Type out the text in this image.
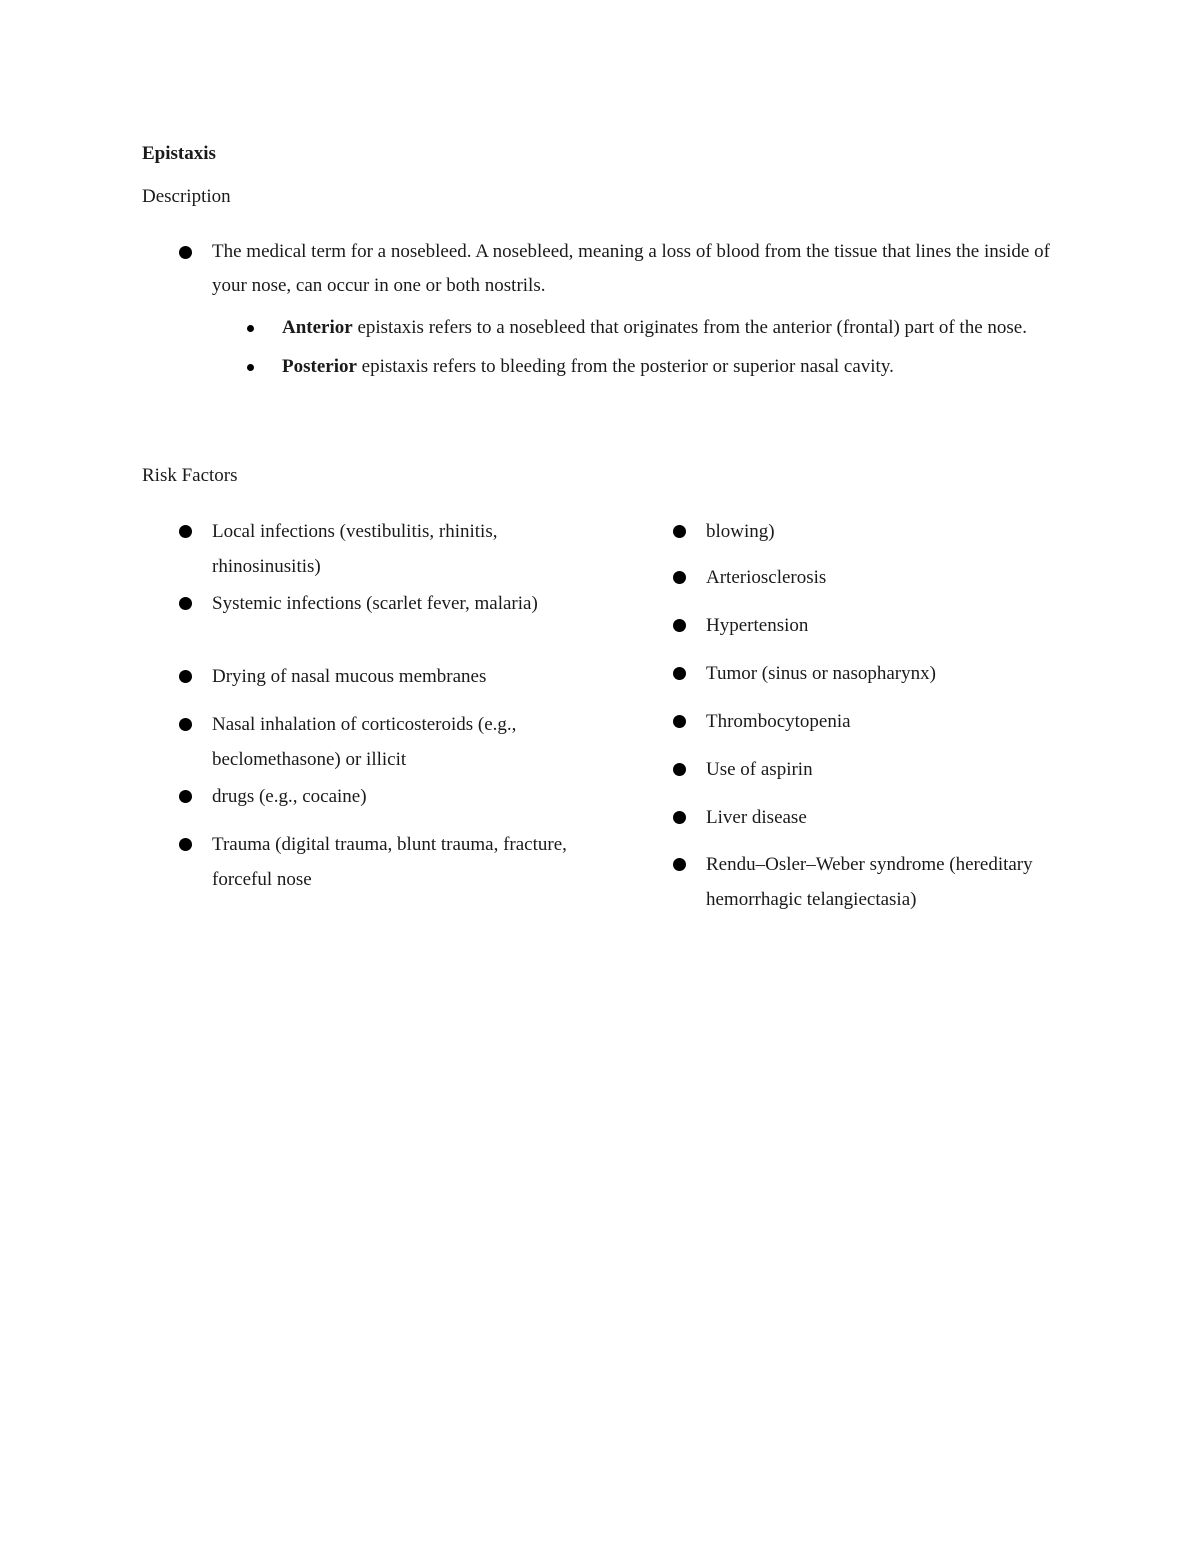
Epistaxis
Description
The medical term for a nosebleed. A nosebleed, meaning a loss of blood from the tissue that lines the inside of your nose, can occur in one or both nostrils.
Anterior epistaxis refers to a nosebleed that originates from the anterior (frontal) part of the nose.
Posterior epistaxis refers to bleeding from the posterior or superior nasal cavity.
Risk Factors
Local infections (vestibulitis, rhinitis, rhinosinusitis)
Systemic infections (scarlet fever, malaria)
Drying of nasal mucous membranes
Nasal inhalation of corticosteroids (e.g., beclomethasone) or illicit
drugs (e.g., cocaine)
Trauma (digital trauma, blunt trauma, fracture, forceful nose
blowing)
Arteriosclerosis
Hypertension
Tumor (sinus or nasopharynx)
Thrombocytopenia
Use of aspirin
Liver disease
Rendu–Osler–Weber syndrome (hereditary hemorrhagic telangiectasia)
